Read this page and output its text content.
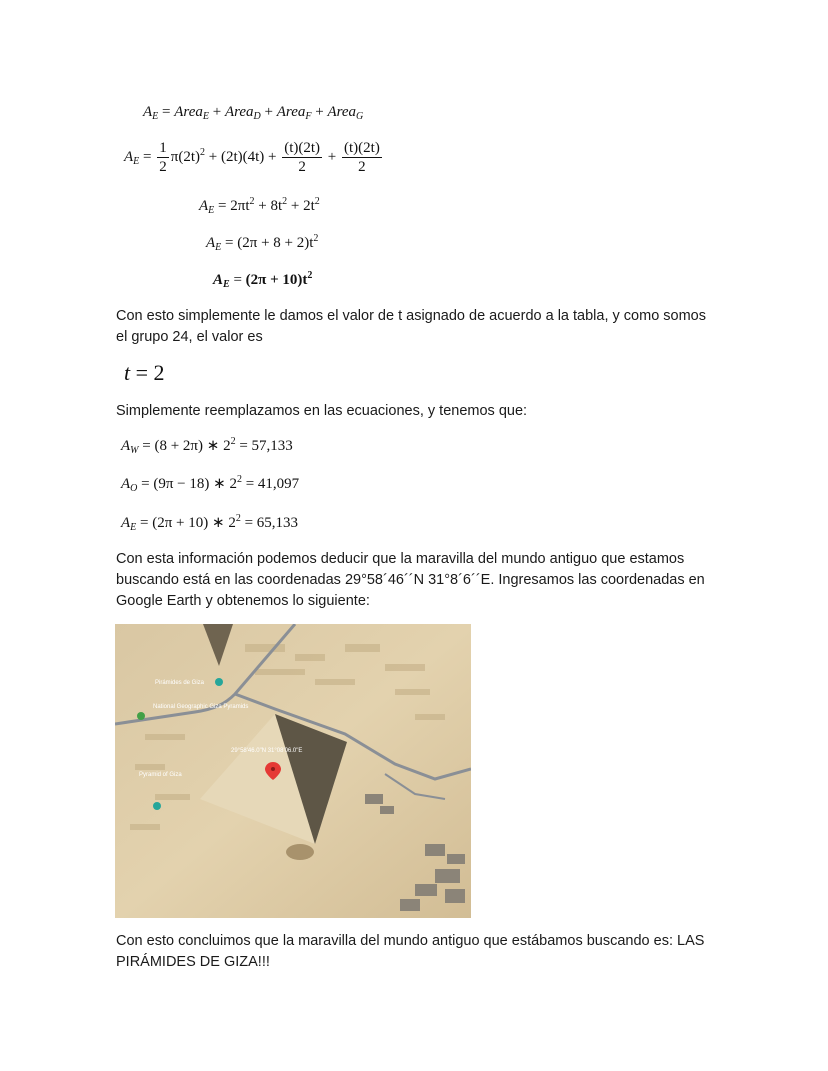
$A_E$ = Area$_E$ + Area$_D$ + Area$_F$ + Area$_G$
$A_E = \frac{1}{2} \pi(2t)^2 + (2t)(4t) + \frac{(t)(2t)}{2} + \frac{(t)(2t)}{2}$
$A_E = 2\pi t^2 + 8t^2 + 2t^2$
$A_E = (2\pi + 8 + 2)t^2$
$A_E = (2\pi + 10)t^2$
Con esto simplemente le damos el valor de t asignado de acuerdo a la tabla, y como somos el grupo 24, el valor es
t = 2
Simplemente reemplazamos en las ecuaciones, y tenemos que:
$A_W = (8 + 2\pi)$ ∗ $2^2 = 57,133$
$A_O = (9\pi - 18)$ ∗ $2^2 = 41,097$
$A_E = (2\pi + 10)$ ∗ $2^2 = 65,133$
Con esta información podemos deducir que la maravilla del mundo antiguo que estamos buscando está en las coordenadas 29°58´46´´N 31°8´6´´E. Ingresamos las coordenadas en Google Earth y obtenemos lo siguiente:
Pirámides de Giza
National Geographic Giza Pyramids
Pyramid of Giza
29°58'46.0"N 31°08'06.0"E
Con esto concluimos que la maravilla del mundo antiguo que estábamos buscando es: LAS PIRÁMIDES DE GIZA!!!
